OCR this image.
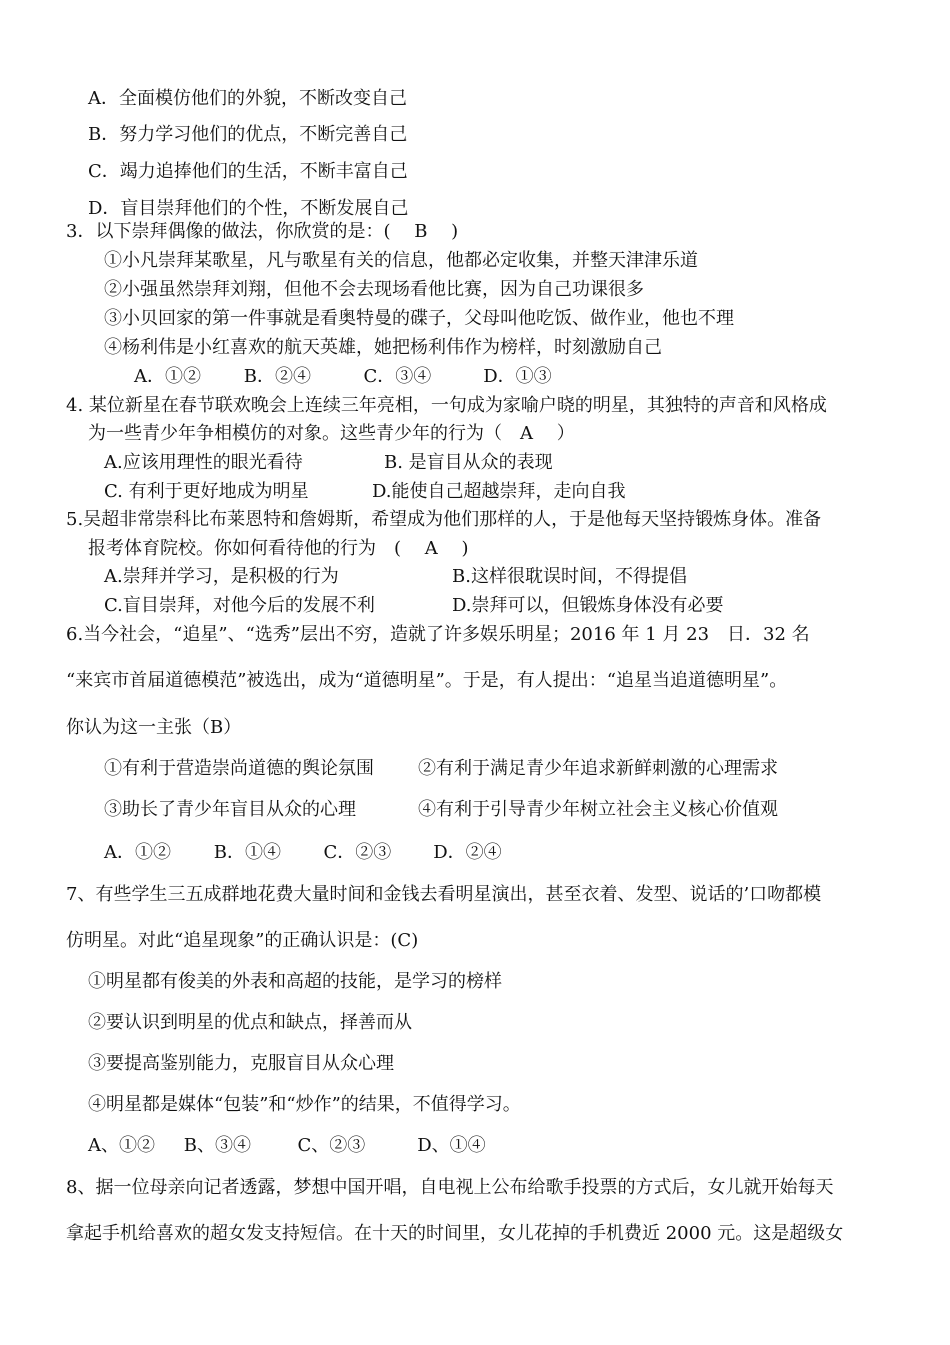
A．全面模仿他们的外貌，不断改变自己
B．努力学习他们的优点，不断完善自己
C．竭力追捧他们的生活，不断丰富自己
D．盲目崇拜他们的个性，不断发展自己
3．以下崇拜偶像的做法，你欣赏的是：(　 B　 )
①小凡崇拜某歌星，凡与歌星有关的信息，他都必定收集，并整天津津乐道
②小强虽然崇拜刘翔，但他不会去现场看他比赛，因为自己功课很多
③小贝回家的第一件事就是看奥特曼的碟子，父母叫他吃饭、做作业，他也不理
④杨利伟是小红喜欢的航天英雄，她把杨利伟作为榜样，时刻激励自己
A．①② B．②④	C．③④	D．①③
4. 某位新星在春节联欢晚会上连续三年亮相，一句成为家喻户晓的明星，其独特的声音和风格成
为一些青少年争相模仿的对象。这些青少年的行为（　A　 ）
A.应该用理性的眼光看待	B. 是盲目从众的表现
C. 有利于更好地成为明星	D.能使自己超越崇拜，走向自我
5.吴超非常崇科比布莱恩特和詹姆斯，希望成为他们那样的人，于是他每天坚持锻炼身体。准备
报考体育院校。你如何看待他的行为　(　 A　 )
A.崇拜并学习，是积极的行为	B.这样很耽误时间，不得提倡
C.盲目崇拜，对他今后的发展不利	D.崇拜可以，但锻炼身体没有必要
6.当今社会，“追星”、“选秀”层出不穷，造就了许多娱乐明星；2016 年 1 月 23　日．32 名
“来宾市首届道德模范”被选出，成为“道德明星”。于是，有人提出：“追星当追道德明星”。
你认为这一主张（B）
①有利于营造崇尚道德的舆论氛围 ②有利于满足青少年追求新鲜刺激的心理需求
③助长了青少年盲目从众的心理	④有利于引导青少年树立社会主义核心价值观
A．①② B．①④ C．②③ D．②④
7、有些学生三五成群地花费大量时间和金钱去看明星演出，甚至衣着、发型、说话的’口吻都模
仿明星。对此“追星现象”的正确认识是：(C)
①明星都有俊美的外表和高超的技能，是学习的榜样
②要认识到明星的优点和缺点，择善而从
③要提高鉴别能力，克服盲目从众心理
④明星都是媒体“包装”和“炒作”的结果，不值得学习。
A、①② B、③④	C、②③	D、①④
8、据一位母亲向记者透露，梦想中国开唱，自电视上公布给歌手投票的方式后，女儿就开始每天
拿起手机给喜欢的超女发支持短信。在十天的时间里，女儿花掉的手机费近 2000 元。这是超级女
